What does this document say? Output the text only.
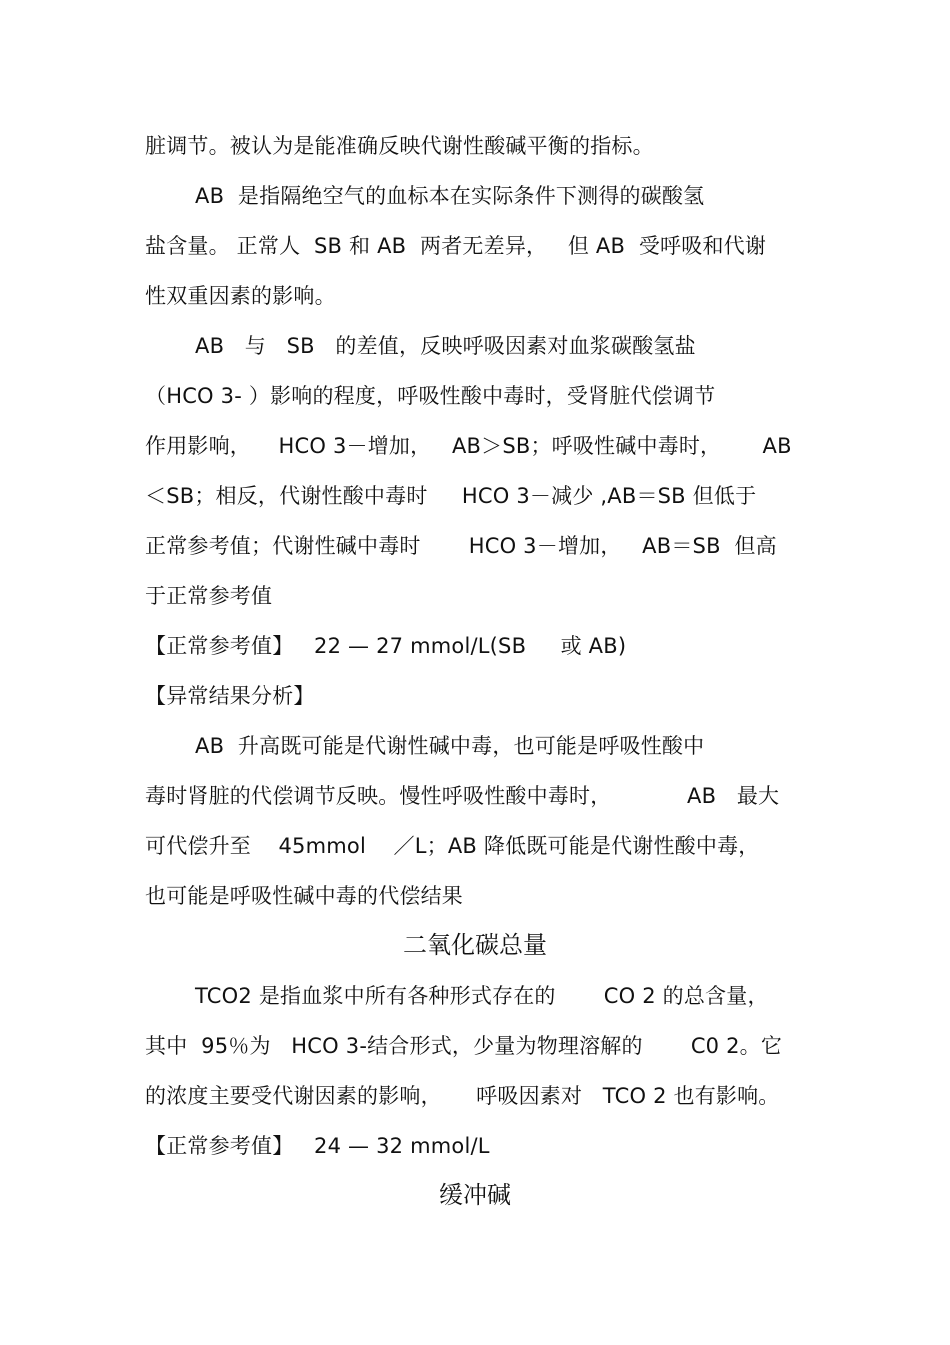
脏调节。被认为是能准确反映代谢性酸碱平衡的指标。
AB  是指隔绝空气的血标本在实际条件下测得的碳酸氢
盐含量。 正常人  SB 和 AB  两者无差异，   但 AB  受呼吸和代谢
性双重因素的影响。
AB   与   SB   的差值，反映呼吸因素对血浆碳酸氢盐
（HCO 3- ）影响的程度，呼吸性酸中毒时，受肾脏代偿调节
作用影响，    HCO 3－增加，   AB＞SB；呼吸性碱中毒时，      AB
＜SB；相反，代谢性酸中毒时     HCO 3－减少 ,AB＝SB 但低于
正常参考值；代谢性碱中毒时       HCO 3－增加，   AB＝SB  但高
于正常参考值
【正常参考值】   22 — 27 mmol/L(SB     或 AB)
【异常结果分析】
AB  升高既可能是代谢性碱中毒，也可能是呼吸性酸中
毒时肾脏的代偿调节反映。慢性呼吸性酸中毒时，           AB   最大
可代偿升至    45mmol    ／L；AB 降低既可能是代谢性酸中毒，
也可能是呼吸性碱中毒的代偿结果
二氧化碳总量
TCO2 是指血浆中所有各种形式存在的       CO 2 的总含量，
其中  95％为   HCO 3-结合形式，少量为物理溶解的       C0 2。它
的浓度主要受代谢因素的影响，     呼吸因素对   TCO 2 也有影响。
【正常参考值】   24 — 32 mmol/L
缓冲碱
